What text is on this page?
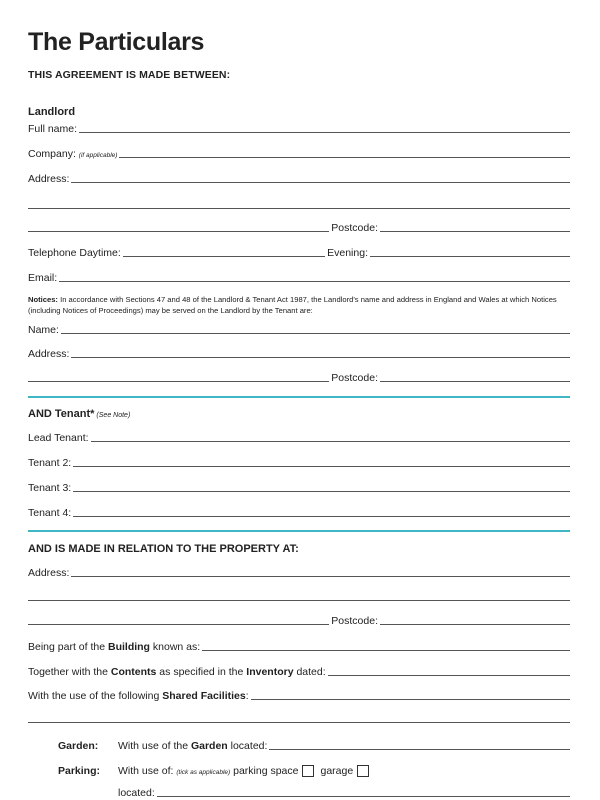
The Particulars
THIS AGREEMENT IS MADE BETWEEN:
Landlord
Full name:
Company: (if applicable)
Address:
Postcode:
Telephone Daytime:	Evening:
Email:
Notices: In accordance with Sections 47 and 48 of the Landlord & Tenant Act 1987, the Landlord's name and address in England and Wales at which Notices (including Notices of Proceedings) may be served on the Landlord by the Tenant are:
Name:
Address:
Postcode:
AND Tenant* (See Note)
Lead Tenant:
Tenant 2:
Tenant 3:
Tenant 4:
AND IS MADE IN RELATION TO THE PROPERTY AT:
Address:
Postcode:
Being part of the Building known as:
Together with the Contents as specified in the Inventory dated:
With the use of the following Shared Facilities:
Garden:	With use of the Garden located:
Parking:	With use of: (tick as applicable) parking space garage
located:
